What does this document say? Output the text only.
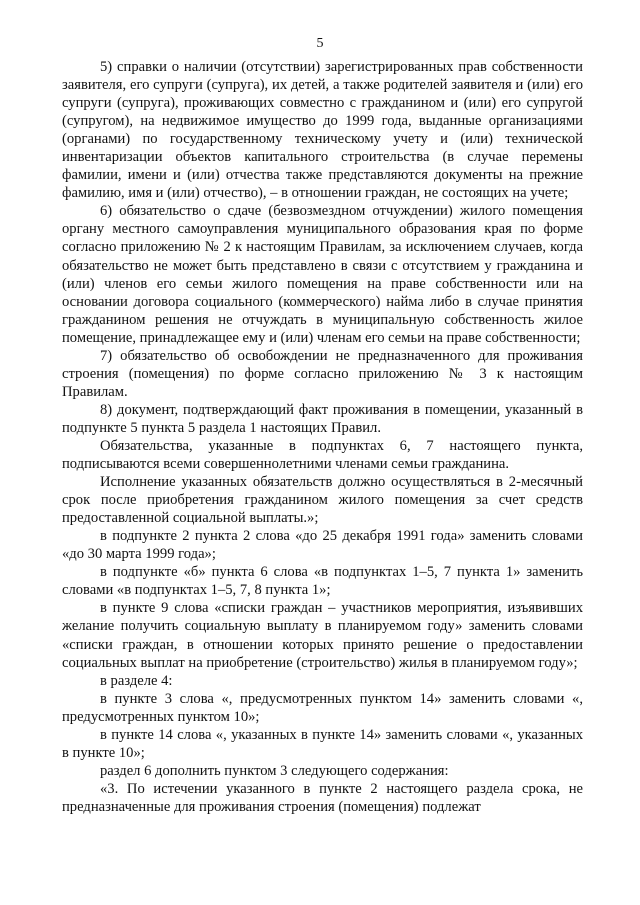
5

5) справки о наличии (отсутствии) зарегистрированных прав собственности заявителя, его супруги (супруга), их детей, а также родителей заявителя и (или) его супруги (супруга), проживающих совместно с гражданином и (или) его супругой (супругом), на недвижимое имущество до 1999 года, выданные организациями (органами) по государственному техническому учету и (или) технической инвентаризации объектов капитального строительства (в случае перемены фамилии, имени и (или) отчества также представляются документы на прежние фамилию, имя и (или) отчество), – в отношении граждан, не состоящих на учете;

6) обязательство о сдаче (безвозмездном отчуждении) жилого помещения органу местного самоуправления муниципального образования края по форме согласно приложению № 2 к настоящим Правилам, за исключением случаев, когда обязательство не может быть представлено в связи с отсутствием у гражданина и (или) членов его семьи жилого помещения на праве собственности или на основании договора социального (коммерческого) найма либо в случае принятия гражданином решения не отчуждать в муниципальную собственность жилое помещение, принадлежащее ему и (или) членам его семьи на праве собственности;

7) обязательство об освобождении не предназначенного для проживания строения (помещения) по форме согласно приложению № 3 к настоящим Правилам.

8) документ, подтверждающий факт проживания в помещении, указанный в подпункте 5 пункта 5 раздела 1 настоящих Правил.

Обязательства, указанные в подпунктах 6, 7 настоящего пункта, подписываются всеми совершеннолетними членами семьи гражданина.

Исполнение указанных обязательств должно осуществляться в 2-месячный срок после приобретения гражданином жилого помещения за счет средств предоставленной социальной выплаты.»;

в подпункте 2 пункта 2 слова «до 25 декабря 1991 года» заменить словами «до 30 марта 1999 года»;

в подпункте «б» пункта 6 слова «в подпунктах 1–5, 7 пункта 1» заменить словами «в подпунктах 1–5, 7, 8 пункта 1»;

в пункте 9 слова «списки граждан – участников мероприятия, изъявивших желание получить социальную выплату в планируемом году» заменить словами «списки граждан, в отношении которых принято решение о предоставлении социальных выплат на приобретение (строительство) жилья в планируемом году»;

в разделе 4:

в пункте 3 слова «, предусмотренных пунктом 14» заменить словами «, предусмотренных пунктом 10»;

в пункте 14 слова «, указанных в пункте 14» заменить словами «, указанных в пункте 10»;

раздел 6 дополнить пунктом 3 следующего содержания:

«3. По истечении указанного в пункте 2 настоящего раздела срока, не предназначенные для проживания строения (помещения) подлежат
